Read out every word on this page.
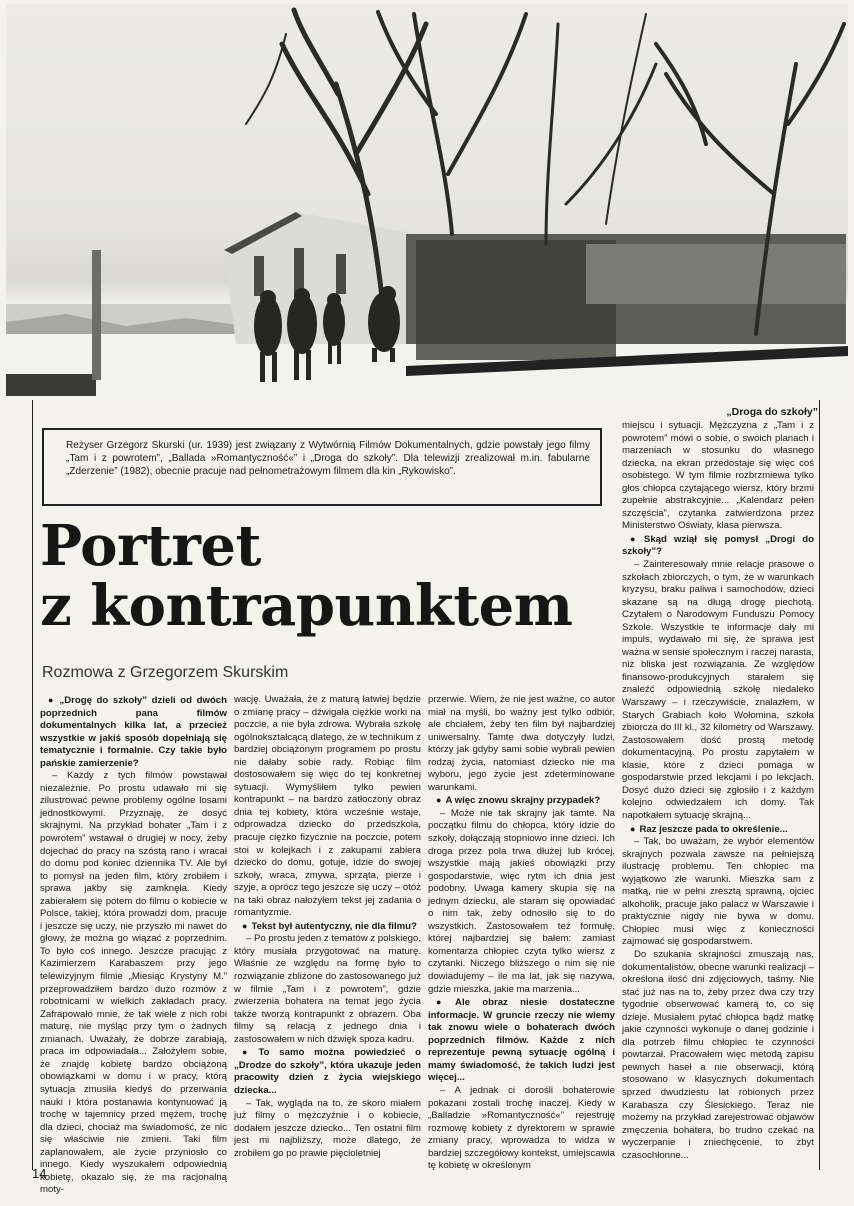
„Droga do szkoły”
Reżyser Grzegorz Skurski (ur. 1939) jest związany z Wytwórnią Filmów Dokumentalnych, gdzie powstały jego filmy „Tam i z powrotem”, „Ballada »Romantyczność«” i „Droga do szkoły”. Dla telewizji zrealizował m.in. fabularne „Zderzenie” (1982), obecnie pracuje nad pełnometrażowym filmem dla kin „Rykowisko”.
Portret
z kontrapunktem
Rozmowa z Grzegorzem Skurskim

● „Drogę do szkoły” dzieli od dwóch poprzednich pana filmów dokumentalnych kilka lat, a przecież wszystkie w jakiś sposób dopełniają się tematycznie i formalnie. Czy takie było pańskie zamierzenie?

– Każdy z tych filmów powstawał niezależnie. Po prostu udawało mi się zilustrować pewne problemy ogólne losami jednostkowymi. Przyznaję, że dosyć skrajnymi. Na przykład bohater „Tam i z powrotem” wstawał o drugiej w nocy, żeby dojechać do pracy na szóstą rano i wracał do domu pod koniec dziennika TV. Ale był to pomysł na jeden film, który zrobiłem i sprawa jakby się zamknęła. Kiedy zabierałem się potem do filmu o kobiecie w Polsce, takiej, która prowadzi dom, pracuje i jeszcze się uczy, nie przyszło mi nawet do głowy, że można go wiązać z poprzednim. To było coś innego. Jeszcze pracując z Kazimierzem Karabaszem przy jego telewizyjnym filmie „Miesiąc Krystyny M.” przeprowadziłem bardzo dużo rozmów z robotnicami w wielkich zakładach pracy. Zafrapowało mnie, że tak wiele z nich robi maturę, nie myśląc przy tym o żadnych zmianach. Uważały, że dobrze zarabiają, praca im odpowiadała... Założyłem sobie, że znajdę kobietę bardzo obciążoną obowiązkami w domu i w pracy, którą sytuacja zmusiła kiedyś do przerwania nauki i która postanawia kontynuować ją trochę w tajemnicy przed mężem, trochę dla dzieci, chociaż ma świadomość, że nic się właściwie nie zmieni. Taki film zaplanowałem, ale życie przyniosło co innego. Kiedy wyszukałem odpowiednią kobietę, okazało się, że ma racjonalną moty-

wację. Uważała, że z maturą łatwiej będzie o zmianę pracy – dźwigała ciężkie worki na poczcie, a nie była zdrowa. Wybrała szkołę ogólnokształcącą dlatego, że w technikum z bardziej obciążonym programem po prostu nie dałaby sobie rady. Robiąc film dostosowałem się więc do tej konkretnej sytuacji. Wymyśliłem tylko pewien kontrapunkt – na bardzo zatłoczony obraz dnia tej kobiety, która wcześnie wstaje, odprowadza dziecko do przedszkola, pracuje ciężko fizycznie na poczcie, potem stoi w kolejkach i z zakupami zabiera dziecko do domu, gotuje, idzie do swojej szkoły, wraca, zmywa, sprząta, pierze i szyje, a oprócz tego jeszcze się uczy – otóż na taki obraz nałożyłem tekst jej zadania o romantyzmie.

● Tekst był autentyczny, nie dla filmu?

– Po prostu jeden z tematów z polskiego, który musiała przygotować na maturę. Właśnie ze względu na formę było to rozwiązanie zbliżone do zastosowanego już w filmie „Tam i z powrotem”, gdzie zwierzenia bohatera na temat jego życia także tworzą kontrapunkt z obrazem. Oba filmy są relacją z jednego dnia i zastosowałem w nich dźwięk spoza kadru.

● To samo można powiedzieć o „Drodze do szkoły”, która ukazuje jeden pracowity dzień z życia wiejskiego dziecka...

– Tak, wygląda na to, że skoro miałem już filmy o mężczyźnie i o kobiecie, dodałem jeszcze dziecko... Ten ostatni film jest mi najbliższy, może dlatego, że zrobiłem go po prawie pięcioletniej

przerwie. Wiem, że nie jest ważne, co autor miał na myśli, bo ważny jest tylko odbiór, ale chciałem, żeby ten film był najbardziej uniwersalny. Tamte dwa dotyczyły ludzi, którzy jak gdyby sami sobie wybrali pewien rodzaj życia, natomiast dziecko nie ma wyboru, jego życie jest zdeterminowane warunkami.

● A więc znowu skrajny przypadek?

– Może nie tak skrajny jak tamte. Na początku filmu do chłopca, który idzie do szkoły, dołączają stopniowo inne dzieci. Ich droga przez pola trwa dłużej lub krócej, wszystkie mają jakieś obowiązki przy gospodarstwie, więc rytm ich dnia jest podobny. Uwaga kamery skupia się na jednym dziecku, ale staram się opowiadać o nim tak, żeby odnosiło się to do wszystkich. Zastosowałem też formułę, której najbardziej się bałem: zamiast komentarza chłopiec czyta tylko wiersz z czytanki. Niczego bliższego o nim się nie dowiadujemy – ile ma lat, jak się nazywa, gdzie mieszka, jakie ma marzenia...

● Ale obraz niesie dostateczne informacje. W gruncie rzeczy nie wiemy tak znowu wiele o bohaterach dwóch poprzednich filmów. Każde z nich reprezentuje pewną sytuację ogólną i mamy świadomość, że takich ludzi jest więcej...

– A jednak ci dorośli bohaterowie pokazani zostali trochę inaczej. Kiedy w „Balladzie »Romantyczność«” rejestruję rozmowę kobiety z dyrektorem w sprawie zmiany pracy, wprowadza to widza w bardziej szczegółowy kontekst, umiejscawia tę kobietę w określonym

miejscu i sytuacji. Mężczyzna z „Tam i z powrotem” mówi o sobie, o swoich planach i marzeniach w stosunku do własnego dziecka, na ekran przedostaje się więc coś osobistego. W tym filmie rozbrzmiewa tylko głos chłopca czytającego wiersz, który brzmi zupełnie abstrakcyjnie... „Kalendarz pełen szczęścia”, czytanka zatwierdzona przez Ministerstwo Oświaty, klasa pierwsza.

● Skąd wziął się pomysł „Drogi do szkoły”?

– Zainteresowały mnie relacje prasowe o szkołach zbiorczych, o tym, że w warunkach kryzysu, braku paliwa i samochodów, dzieci skazane są na długą drogę piechotą. Czytałem o Narodowym Funduszu Pomocy Szkole. Wszystkie te informacje dały mi impuls, wydawało mi się, że sprawa jest ważna w sensie społecznym i raczej narasta, niż bliska jest rozwiązania. Ze względów finansowo-produkcyjnych starałem się znaleźć odpowiednią szkołę niedaleko Warszawy – i rzeczywiście, znalazłem, w Starych Grabiach koło Wołomina, szkoła zbiorcza do III kl., 32 kilometry od Warszawy. Zastosowałem dość prostą metodę dokumentacyjną. Po prostu zapytałem w klasie, które z dzieci pomaga w gospodarstwie przed lekcjami i po lekcjach. Dosyć dużo dzieci się zgłosiło i z każdym kolejno odwiedzałem ich domy. Tak napotkałem sytuację skrajną...

● Raz jeszcze pada to określenie...

– Tak, bo uważam, że wybór elementów skrajnych pozwala zawsze na pełniejszą ilustrację problemu. Ten chłopiec ma wyjątkowo złe warunki. Mieszka sam z matką, nie w pełni zresztą sprawną, ojciec alkoholik, pracuje jako palacz w Warszawie i praktycznie nigdy nie bywa w domu. Chłopiec musi więc z konieczności zajmować się gospodarstwem.

Do szukania skrajności zmuszają nas, dokumentalistów, obecne warunki realizacji – określona ilość dni zdjęciowych, taśmy. Nie stać już nas na to, żeby przez dwa czy trzy tygodnie obserwować kamerą to, co się dzieje. Musiałem pytać chłopca bądź matkę jakie czynności wykonuje o danej godzinie i dla potrzeb filmu chłopiec te czynności powtarzał. Pracowałem więc metodą zapisu pewnych haseł a nie obserwacji, którą stosowano w klasycznych dokumentach sprzed dwudziestu lat robionych przez Karabasza czy Ślesickiego. Teraz nie możemy na przykład zarejestrować objawów zmęczenia bohatera, bo trudno czekać na wyczerpanie i zniechęcenie, to zbyt czasochłonne...

14
